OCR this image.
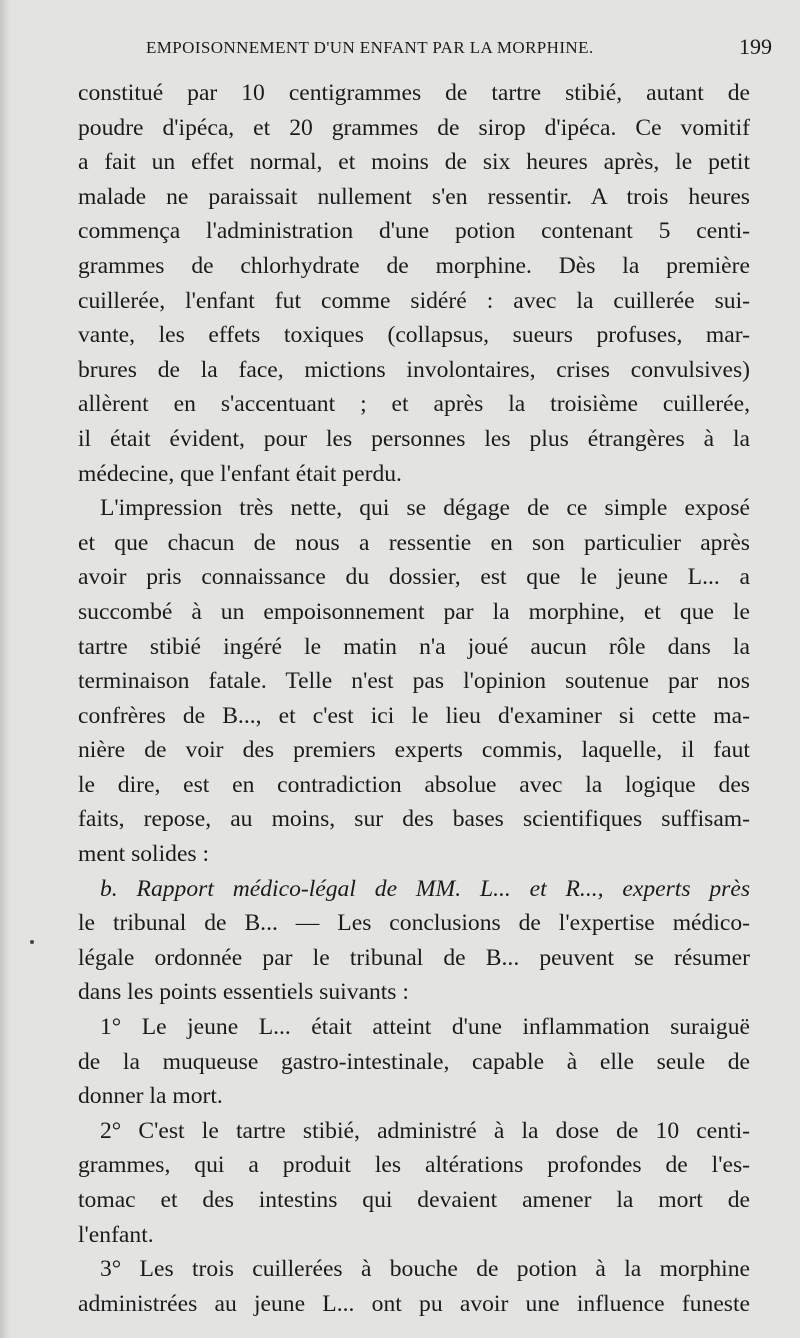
EMPOISONNEMENT D'UN ENFANT PAR LA MORPHINE.	199
constitué par 10 centigrammes de tartre stibié, autant de
poudre d'ipéca, et 20 grammes de sirop d'ipéca. Ce vomitif
a fait un effet normal, et moins de six heures après, le petit
malade ne paraissait nullement s'en ressentir. A trois heures
commença l'administration d'une potion contenant 5 centi-
grammes de chlorhydrate de morphine. Dès la première
cuillerée, l'enfant fut comme sidéré : avec la cuillerée sui-
vante, les effets toxiques (collapsus, sueurs profuses, mar-
brures de la face, mictions involontaires, crises convulsives)
allèrent en s'accentuant ; et après la troisième cuillerée,
il était évident, pour les personnes les plus étrangères à la
médecine, que l'enfant était perdu.
L'impression très nette, qui se dégage de ce simple exposé
et que chacun de nous a ressentie en son particulier après
avoir pris connaissance du dossier, est que le jeune L... a
succombé à un empoisonnement par la morphine, et que le
tartre stibié ingéré le matin n'a joué aucun rôle dans la
terminaison fatale. Telle n'est pas l'opinion soutenue par nos
confrères de B..., et c'est ici le lieu d'examiner si cette ma-
nière de voir des premiers experts commis, laquelle, il faut
le dire, est en contradiction absolue avec la logique des
faits, repose, au moins, sur des bases scientifiques suffisam-
ment solides :
b. Rapport médico-légal de MM. L... et R..., experts près
le tribunal de B... — Les conclusions de l'expertise médico-
légale ordonnée par le tribunal de B... peuvent se résumer
dans les points essentiels suivants :
1° Le jeune L... était atteint d'une inflammation suraiguë
de la muqueuse gastro-intestinale, capable à elle seule de
donner la mort.
2° C'est le tartre stibié, administré à la dose de 10 centi-
grammes, qui a produit les altérations profondes de l'es-
tomac et des intestins qui devaient amener la mort de
l'enfant.
3° Les trois cuillerées à bouche de potion à la morphine
administrées au jeune L... ont pu avoir une influence funeste
